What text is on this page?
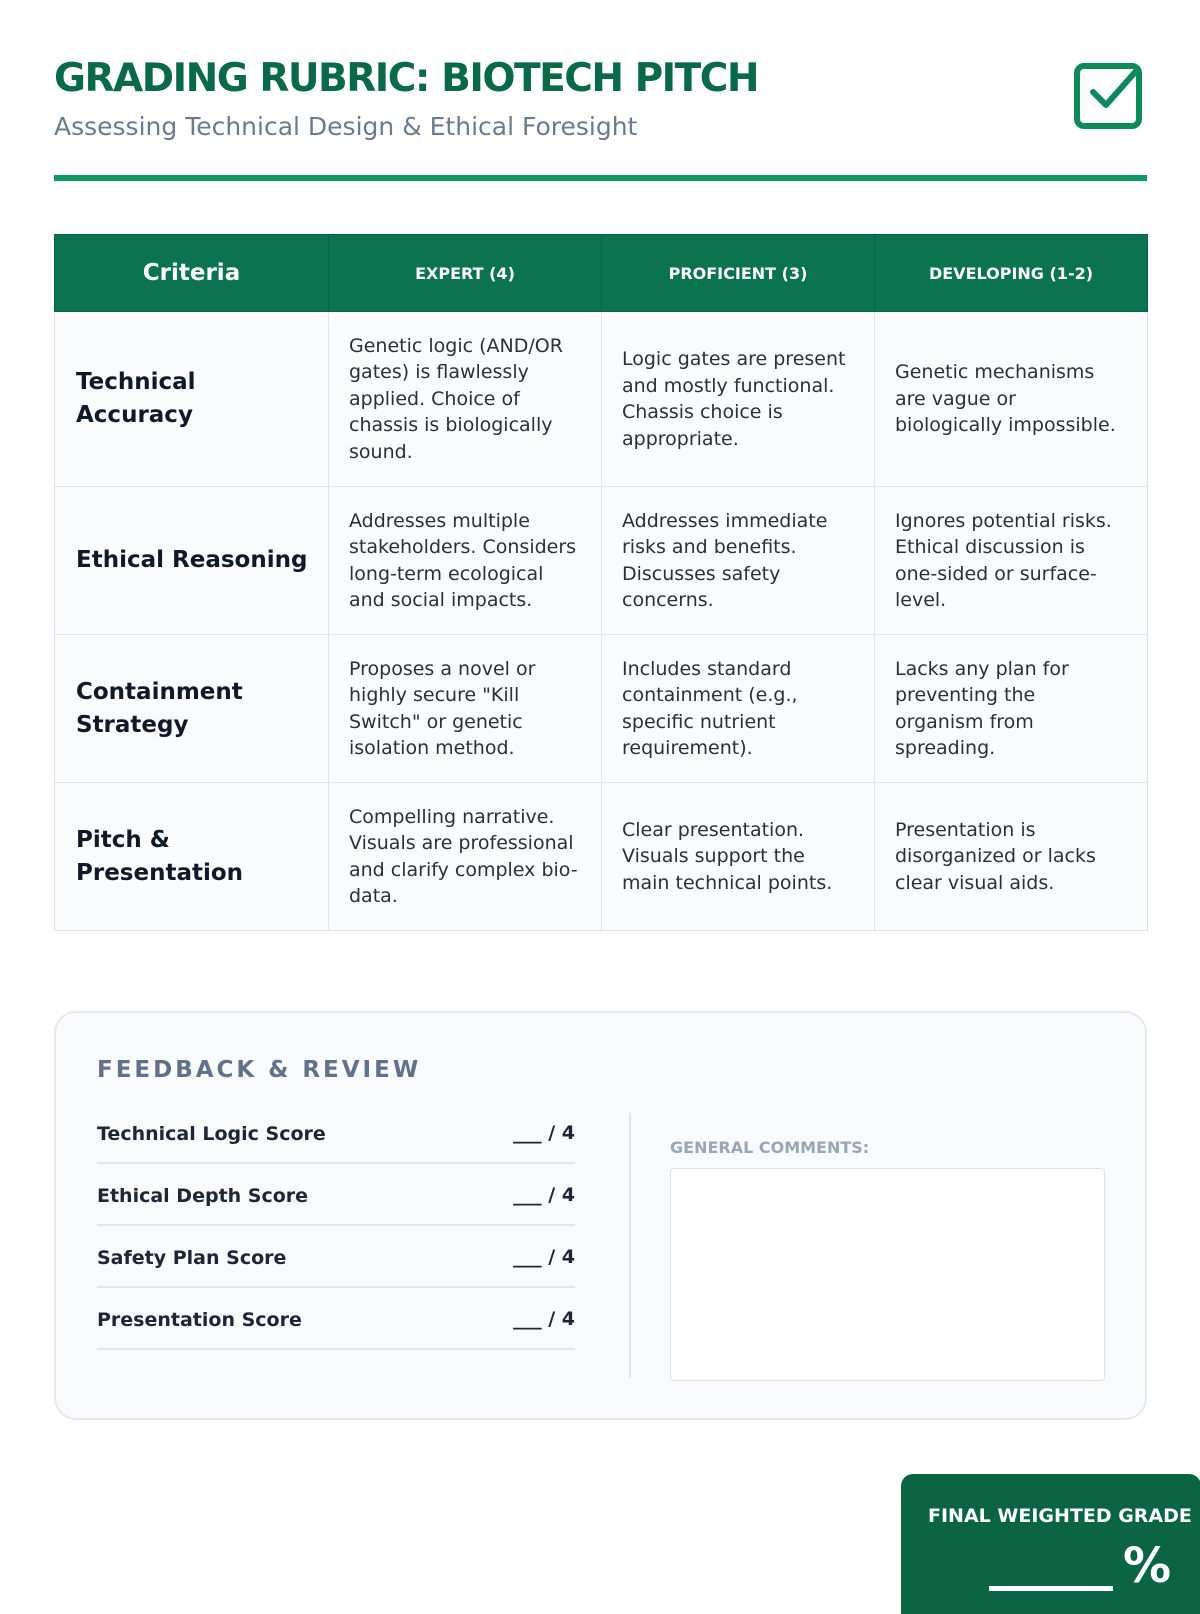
GRADING RUBRIC: BIOTECH PITCH

Assessing Technical Design & Ethical Foresight

Criteria	EXPERT (4)	PROFICIENT (3)	DEVELOPING (1-2)
Technical Accuracy	Genetic logic (AND/OR gates) is flawlessly applied. Choice of chassis is biologically sound.	Logic gates are present and mostly functional. Chassis choice is appropriate.	Genetic mechanisms are vague or biologically impossible.
Ethical Reasoning	Addresses multiple stakeholders. Considers long-term ecological and social impacts.	Addresses immediate risks and benefits. Discusses safety concerns.	Ignores potential risks. Ethical discussion is one-sided or surface-level.
Containment Strategy	Proposes a novel or highly secure "Kill Switch" or genetic isolation method.	Includes standard containment (e.g., specific nutrient requirement).	Lacks any plan for preventing the organism from spreading.
Pitch & Presentation	Compelling narrative. Visuals are professional and clarify complex bio-data.	Clear presentation. Visuals support the main technical points.	Presentation is disorganized or lacks clear visual aids.
FEEDBACK & REVIEW
Technical Logic Score	___ / 4
Ethical Depth Score	___ / 4
Safety Plan Score	___ / 4
Presentation Score	___ / 4
GENERAL COMMENTS:
FINAL WEIGHTED GRADE
%
